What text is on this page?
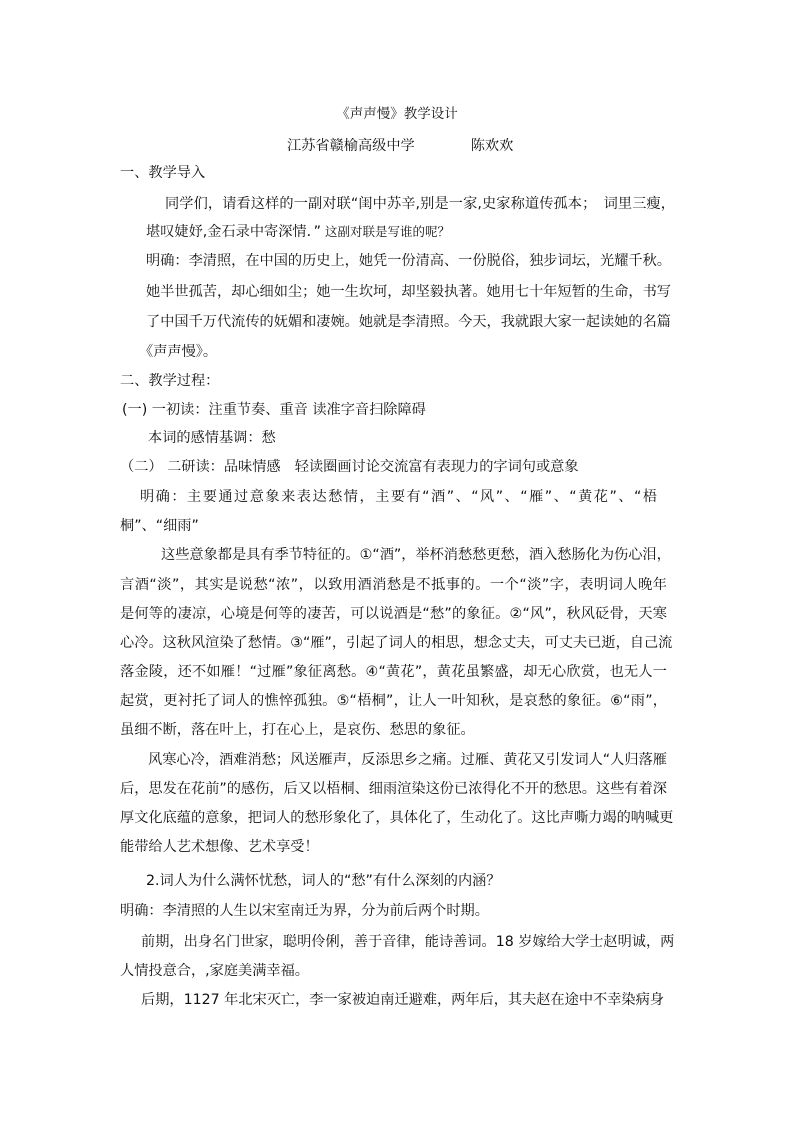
《声声慢》教学设计
江苏省赣榆高级中学	陈欢欢
一、教学导入
同学们，请看这样的一副对联“闺中苏辛,别是一家,史家称道传孤本；　词里三瘦，
堪叹婕妤,金石录中寄深情．” 这副对联是写谁的呢？
明确：李清照，在中国的历史上，她凭一份清高、一份脱俗，独步词坛，光耀千秋。
她半世孤苦，却心细如尘；她一生坎坷，却坚毅执著。她用七十年短暂的生命，书写
了中国千万代流传的妩媚和凄婉。她就是李清照。今天，我就跟大家一起读她的名篇
《声声慢》。
二、教学过程：
(一) 一初读：注重节奏、重音 读准字音扫除障碍
本词的感情基调：愁
（二） 二研读：品味情感　轻读圈画讨论交流富有表现力的字词句或意象
明确：主要通过意象来表达愁情，主要有“酒”、“风”、“雁”、“黄花”、“梧
桐”、“细雨”
这些意象都是具有季节特征的。①“酒”，举杯消愁愁更愁，酒入愁肠化为伤心泪，
言酒“淡”，其实是说愁“浓”，以致用酒消愁是不抵事的。一个“淡”字，表明词人晚年
是何等的凄凉，心境是何等的凄苦，可以说酒是“愁”的象征。②“风”，秋风砭骨，天寒
心冷。这秋风渲染了愁情。③“雁”，引起了词人的相思，想念丈夫，可丈夫已逝，自己流
落金陵，还不如雁！“过雁”象征离愁。④“黄花”，黄花虽繁盛，却无心欣赏，也无人一
起赏，更衬托了词人的憔悴孤独。⑤“梧桐”，让人一叶知秋，是哀愁的象征。⑥“雨”，
虽细不断，落在叶上，打在心上，是哀伤、愁思的象征。
风寒心冷，酒难消愁；风送雁声，反添思乡之痛。过雁、黄花又引发词人“人归落雁
后，思发在花前”的感伤，后又以梧桐、细雨渲染这份已浓得化不开的愁思。这些有着深
厚文化底蕴的意象，把词人的愁形象化了，具体化了，生动化了。这比声嘶力竭的呐喊更
能带给人艺术想像、艺术享受！
2.词人为什么满怀忧愁，词人的“愁”有什么深刻的内涵？
明确：李清照的人生以宋室南迁为界，分为前后两个时期。
前期，出身名门世家，聪明伶俐，善于音律，能诗善词。18 岁嫁给大学士赵明诚，两
人情投意合，,家庭美满幸福。
后期，1127 年北宋灭亡，李一家被迫南迁避难，两年后，其夫赵在途中不幸染病身
